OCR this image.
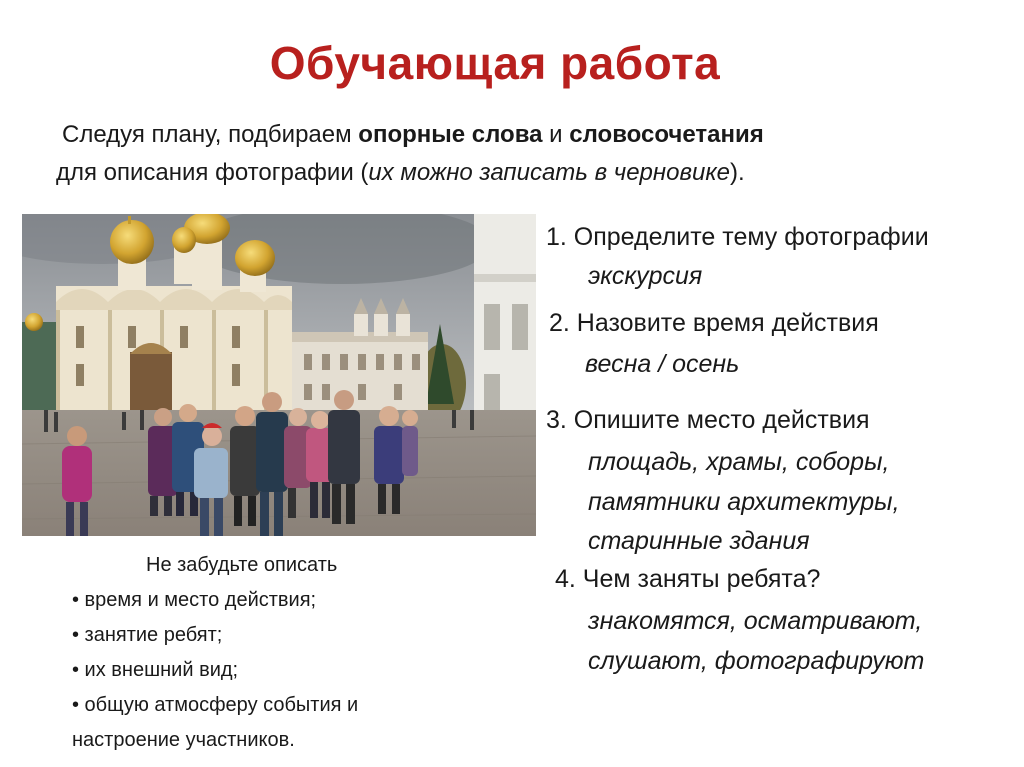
Обучающая работа
Следуя плану, подбираем опорные слова и словосочетания
для описания фотографии (их можно записать в черновике).
1. Определите тему фотографии
экскурсия
2. Назовите время действия
весна / осень
3. Опишите место действия
площадь, храмы, соборы,
памятники архитектуры,
старинные здания
4. Чем заняты ребята?
знакомятся, осматривают,
слушают, фотографируют
Не забудьте описать
• время и место действия;
• занятие ребят;
• их внешний вид;
• общую атмосферу события и
настроение участников.
